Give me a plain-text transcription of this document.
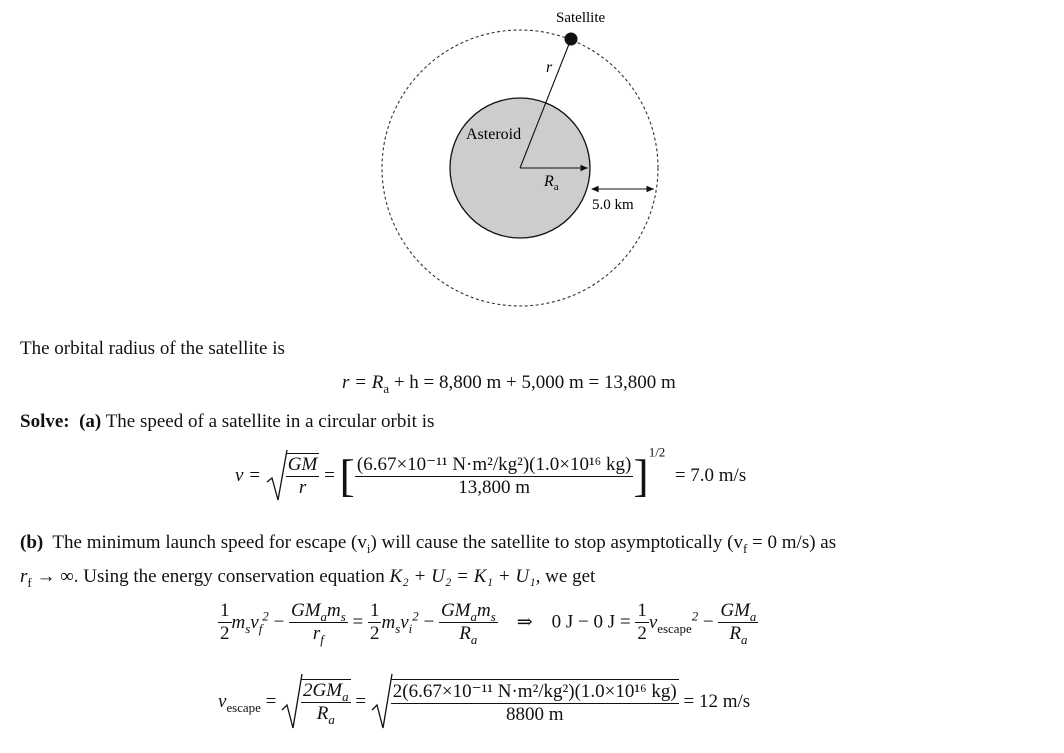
Satellite
r
Asteroid
$R_a$
5.0 km
The orbital radius of the satellite is
$r = R_a + h = 8,800$ m + 5,000 m = 13,800 m
Solve: (a) The speed of a satellite in a circular orbit is
$v = \frac{GM}{r}$ = [ $\frac{\text{(6.67×10⁻¹¹ N·m²/kg²)(1.0×10¹⁶ kg)}}{13,800 m} ]^{1/2} = 7.0$ m/s
(b) The minimum launch speed for escape $(v_i)$ will cause the satellite to stop asymptotically ($v_f = 0$ m/s) as
$r_f$ → ∞. Using the energy conservation equation K₂ + U₂ = K₁ + U₁, we get
$\frac{1}{2} m_sv_f^2 - \frac{GM_am_s}{r_f} = \frac{1}{2} m_sv_i^2 - \frac{GM_am_s}{R_a}$ ⇒ 0 J − 0 $J = \frac{1}{2} v_{escape}^2 - \frac{GM_a}{R_a}$
$v_{escape} = \frac{2GM_a}{R_a} = \frac{\text{2(6.67×10⁻¹¹ N·m²/kg²)(1.0×10¹⁶ kg)}}{8800 m} = 12$ m/s
